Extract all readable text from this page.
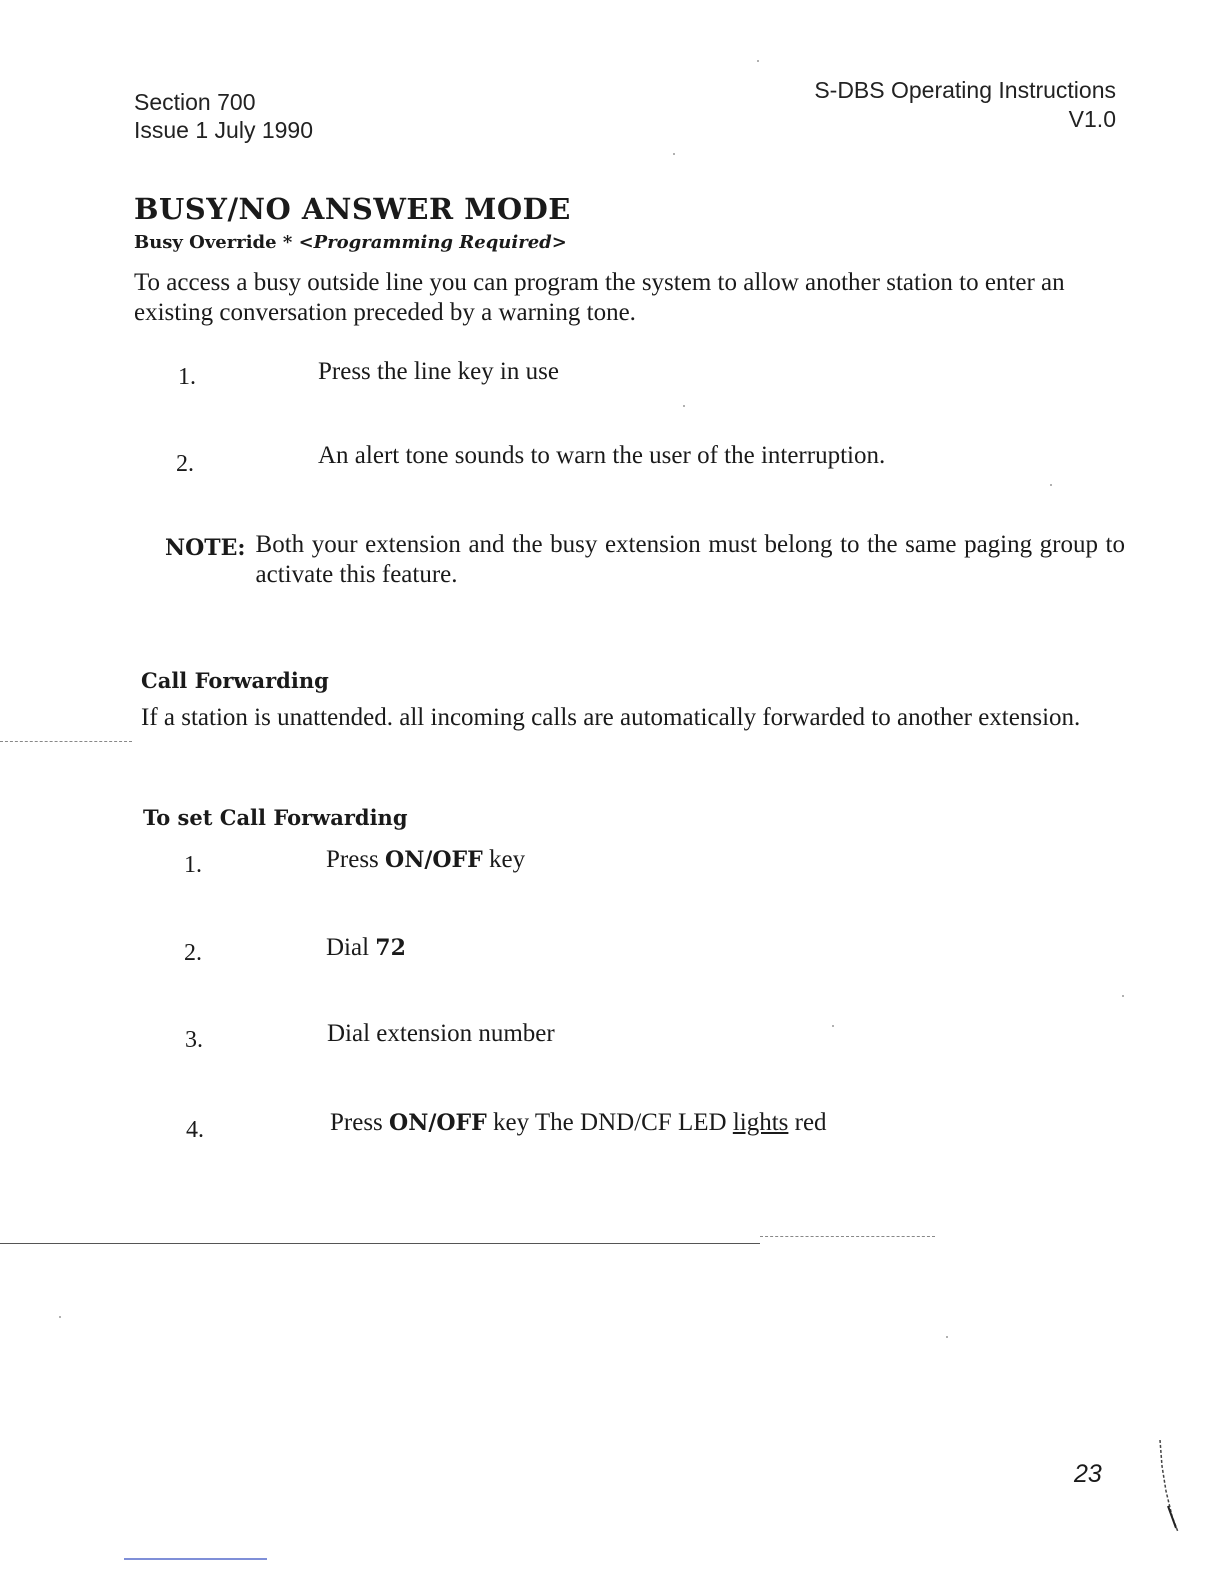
Section 700
Issue 1 July 1990
S-DBS Operating Instructions
V1.0
BUSY/NO ANSWER MODE
Busy Override * <Programming Required>
To access a busy outside line you can program the system to allow another station to enter an existing conversation preceded by a warning tone.
1.	Press the line key in use
2.	An alert tone sounds to warn the user of the interruption.
NOTE: Both your extension and the busy extension must belong to the same paging group to activate this feature.
Call Forwarding
If a station is unattended. all incoming calls are automatically forwarded to another extension.
To set Call Forwarding
1.	Press ON/OFF key
2.	Dial 72
3.	Dial extension number
4.	Press ON/OFF key The DND/CF LED lights red
23
